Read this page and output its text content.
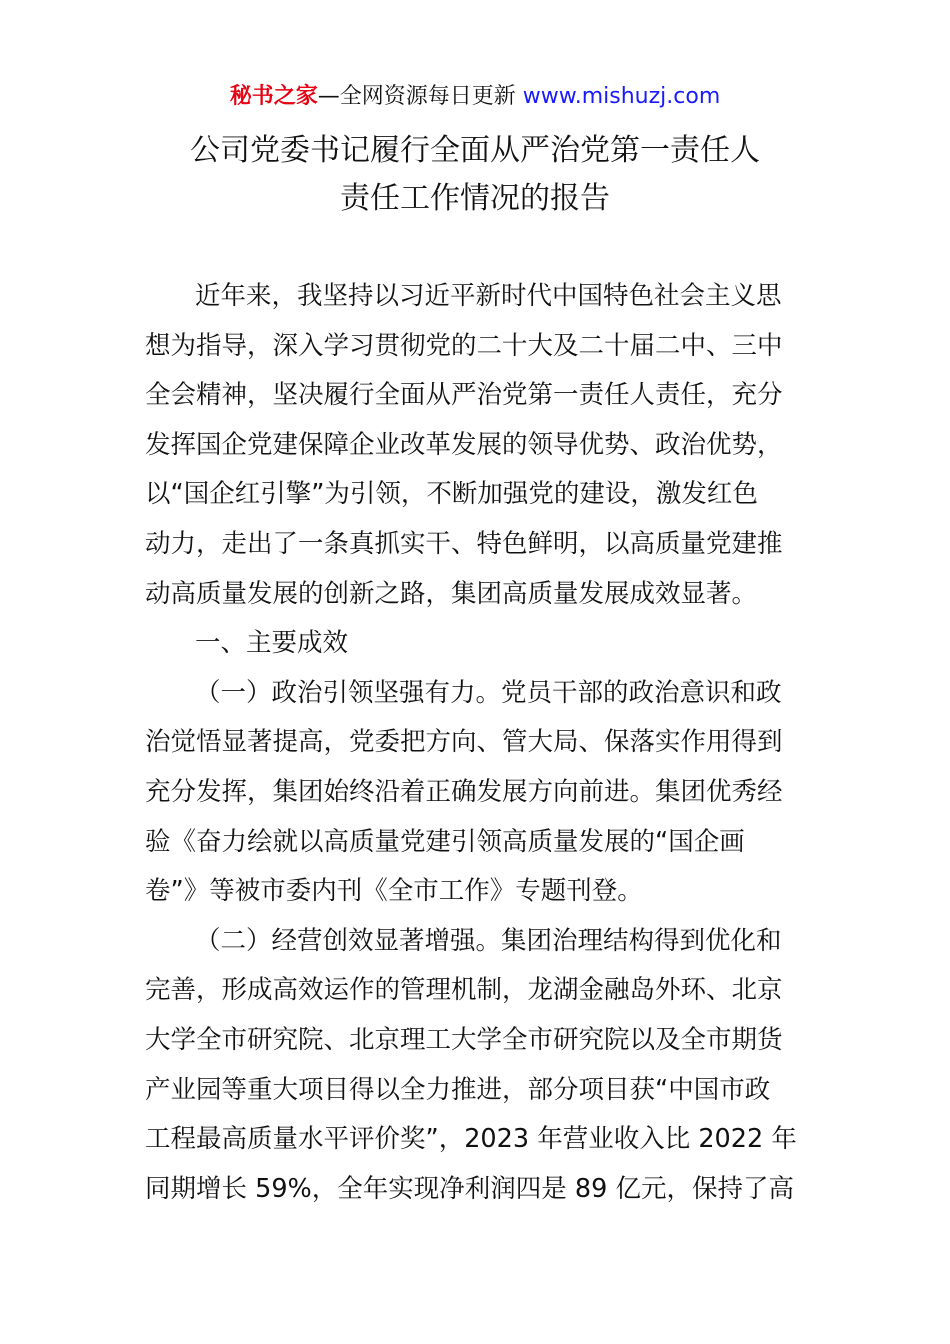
秘书之家—全网资源每日更新 www.mishuzj.com
公司党委书记履行全面从严治党第一责任人
责任工作情况的报告
近年来，我坚持以习近平新时代中国特色社会主义思
想为指导，深入学习贯彻党的二十大及二十届二中、三中
全会精神，坚决履行全面从严治党第一责任人责任，充分
发挥国企党建保障企业改革发展的领导优势、政治优势，
以“国企红引擎”为引领，不断加强党的建设，激发红色
动力，走出了一条真抓实干、特色鲜明，以高质量党建推
动高质量发展的创新之路，集团高质量发展成效显著。
一、主要成效
（一）政治引领坚强有力。党员干部的政治意识和政
治觉悟显著提高，党委把方向、管大局、保落实作用得到
充分发挥，集团始终沿着正确发展方向前进。集团优秀经
验《奋力绘就以高质量党建引领高质量发展的“国企画
卷”》等被市委内刊《全市工作》专题刊登。
（二）经营创效显著增强。集团治理结构得到优化和
完善，形成高效运作的管理机制，龙湖金融岛外环、北京
大学全市研究院、北京理工大学全市研究院以及全市期货
产业园等重大项目得以全力推进，部分项目获“中国市政
工程最高质量水平评价奖”，2023 年营业收入比 2022 年
同期增长 59%，全年实现净利润四是 89 亿元，保持了高
